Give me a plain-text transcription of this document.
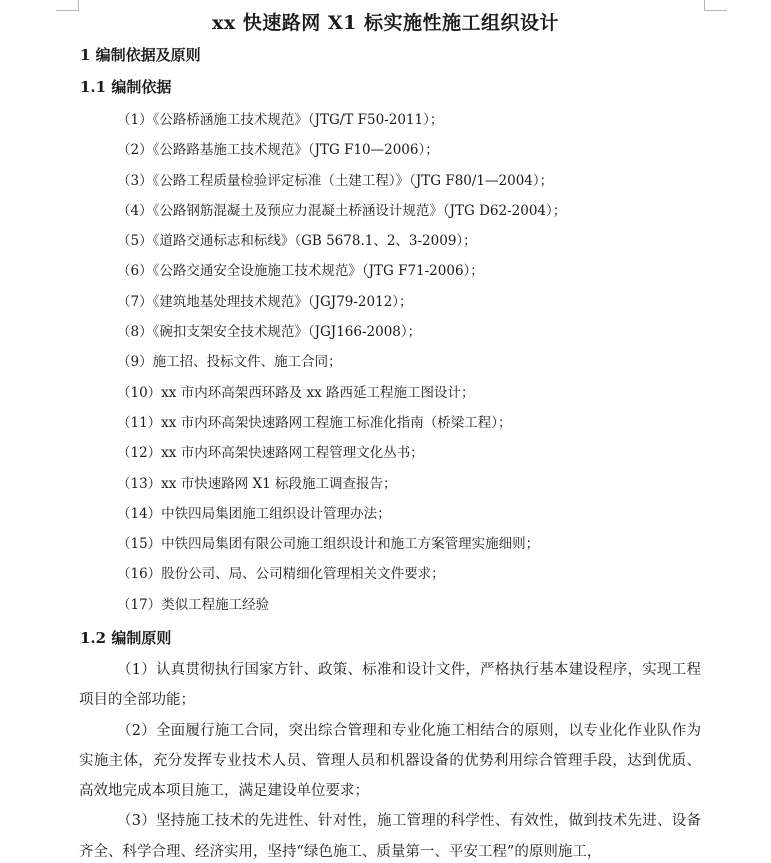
xx 快速路网 X1 标实施性施工组织设计
1 编制依据及原则
1.1 编制依据
（1）《公路桥涵施工技术规范》（JTG/T F50-2011）；
（2）《公路路基施工技术规范》（JTG F10—2006）；
（3）《公路工程质量检验评定标准（土建工程）》（JTG F80/1—2004）；
（4）《公路钢筋混凝土及预应力混凝土桥涵设计规范》（JTG D62-2004）；
（5）《道路交通标志和标线》（GB 5678.1、2、3-2009）；
（6）《公路交通安全设施施工技术规范》（JTG F71-2006）；
（7）《建筑地基处理技术规范》（JGJ79-2012）；
（8）《碗扣支架安全技术规范》（JGJ166-2008）；
（9）施工招、投标文件、施工合同；
（10）xx 市内环高架西环路及 xx 路西延工程施工图设计；
（11）xx 市内环高架快速路网工程施工标准化指南（桥梁工程）；
（12）xx 市内环高架快速路网工程管理文化丛书；
（13）xx 市快速路网 X1 标段施工调查报告；
（14）中铁四局集团施工组织设计管理办法；
（15）中铁四局集团有限公司施工组织设计和施工方案管理实施细则；
（16）股份公司、局、公司精细化管理相关文件要求；
（17）类似工程施工经验
1.2 编制原则

（1）认真贯彻执行国家方针、政策、标准和设计文件，严格执行基本建设程序，实现工程项目的全部功能；

（2）全面履行施工合同，突出综合管理和专业化施工相结合的原则，以专业化作业队作为实施主体，充分发挥专业技术人员、管理人员和机器设备的优势利用综合管理手段，达到优质、高效地完成本项目施工，满足建设单位要求；

（3）坚持施工技术的先进性、针对性，施工管理的科学性、有效性，做到技术先进、设备齐全、科学合理、经济实用，坚持“绿色施工、质量第一、平安工程”的原则施工，
